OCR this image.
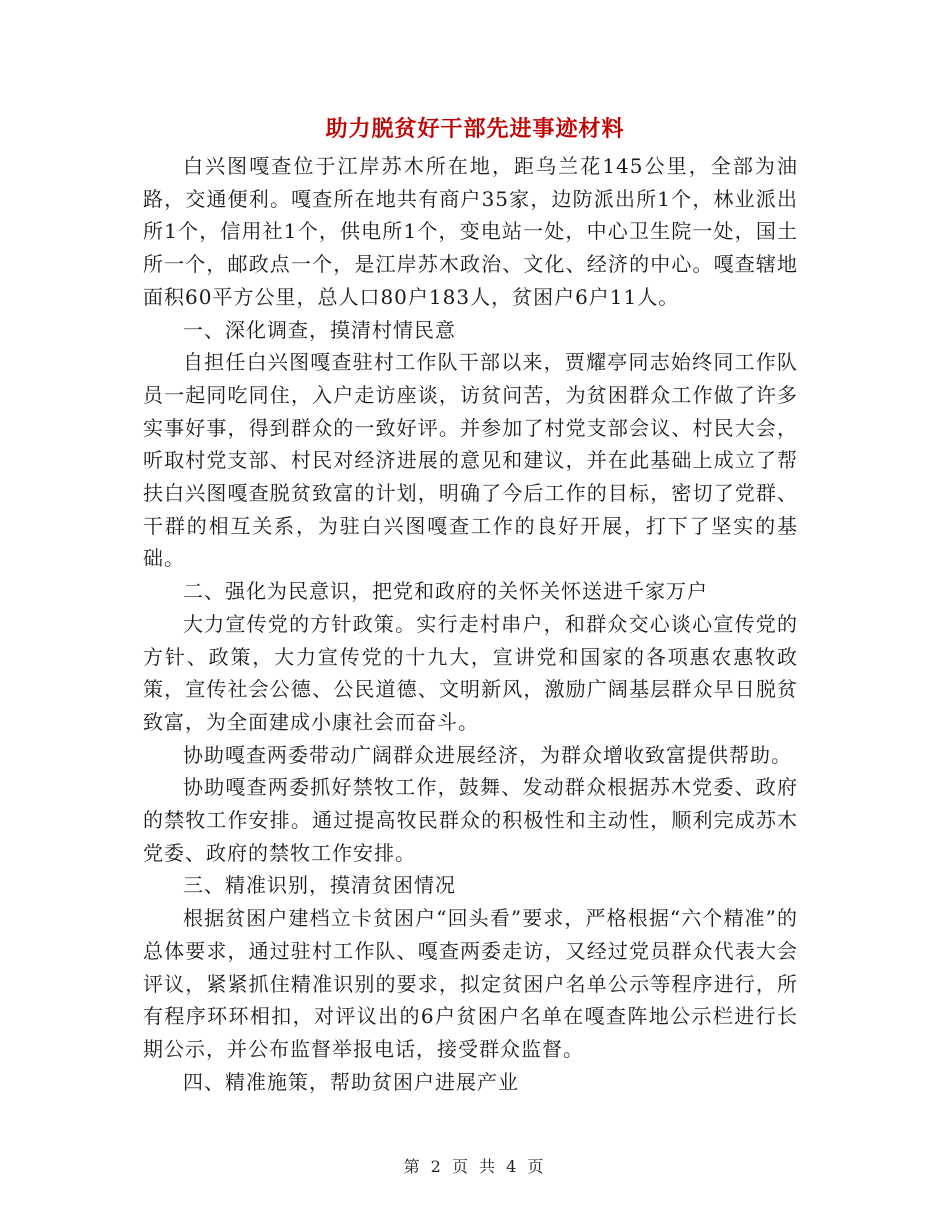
助力脱贫好干部先进事迹材料

白兴图嘎查位于江岸苏木所在地，距乌兰花145公里，全部为油路，交通便利。嘎查所在地共有商户35家，边防派出所1个，林业派出所1个，信用社1个，供电所1个，变电站一处，中心卫生院一处，国土所一个，邮政点一个，是江岸苏木政治、文化、经济的中心。嘎查辖地面积60平方公里，总人口80户183人，贫困户6户11人。

一、深化调查，摸清村情民意

自担任白兴图嘎查驻村工作队干部以来，贾耀亭同志始终同工作队员一起同吃同住，入户走访座谈，访贫问苦，为贫困群众工作做了许多实事好事，得到群众的一致好评。并参加了村党支部会议、村民大会，听取村党支部、村民对经济进展的意见和建议，并在此基础上成立了帮扶白兴图嘎查脱贫致富的计划，明确了今后工作的目标，密切了党群、干群的相互关系，为驻白兴图嘎查工作的良好开展，打下了坚实的基础。

二、强化为民意识，把党和政府的关怀关怀送进千家万户

大力宣传党的方针政策。实行走村串户，和群众交心谈心宣传党的方针、政策，大力宣传党的十九大，宣讲党和国家的各项惠农惠牧政策，宣传社会公德、公民道德、文明新风，激励广阔基层群众早日脱贫致富，为全面建成小康社会而奋斗。

协助嘎查两委带动广阔群众进展经济，为群众增收致富提供帮助。

协助嘎查两委抓好禁牧工作，鼓舞、发动群众根据苏木党委、政府的禁牧工作安排。通过提高牧民群众的积极性和主动性，顺利完成苏木党委、政府的禁牧工作安排。

三、精准识别，摸清贫困情况

根据贫困户建档立卡贫困户“回头看”要求，严格根据“六个精准”的总体要求，通过驻村工作队、嘎查两委走访，又经过党员群众代表大会评议，紧紧抓住精准识别的要求，拟定贫困户名单公示等程序进行，所有程序环环相扣，对评议出的6户贫困户名单在嘎查阵地公示栏进行长期公示，并公布监督举报电话，接受群众监督。

四、精准施策，帮助贫困户进展产业

第 2 页 共 4 页
